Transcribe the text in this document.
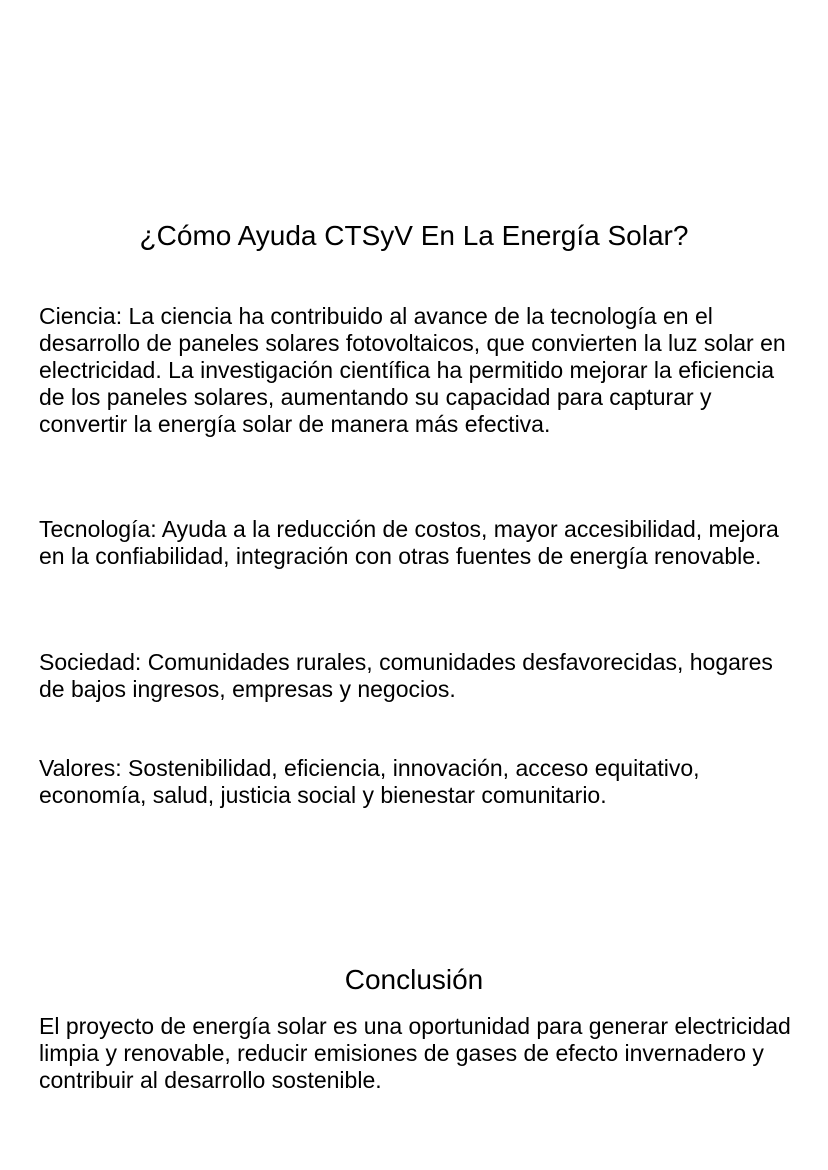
¿Cómo Ayuda CTSyV En La Energía Solar?

Ciencia: La ciencia ha contribuido al avance de la tecnología en el desarrollo de paneles solares fotovoltaicos, que convierten la luz solar en electricidad. La investigación científica ha permitido mejorar la eficiencia de los paneles solares, aumentando su capacidad para capturar y convertir la energía solar de manera más efectiva.

Tecnología: Ayuda a la reducción de costos, mayor accesibilidad, mejora en la confiabilidad, integración con otras fuentes de energía renovable.

Sociedad: Comunidades rurales, comunidades desfavorecidas, hogares de bajos ingresos, empresas y negocios.

Valores: Sostenibilidad, eficiencia, innovación, acceso equitativo, economía, salud, justicia social y bienestar comunitario.

Conclusión

El proyecto de energía solar es una oportunidad para generar electricidad limpia y renovable, reducir emisiones de gases de efecto invernadero y contribuir al desarrollo sostenible.
